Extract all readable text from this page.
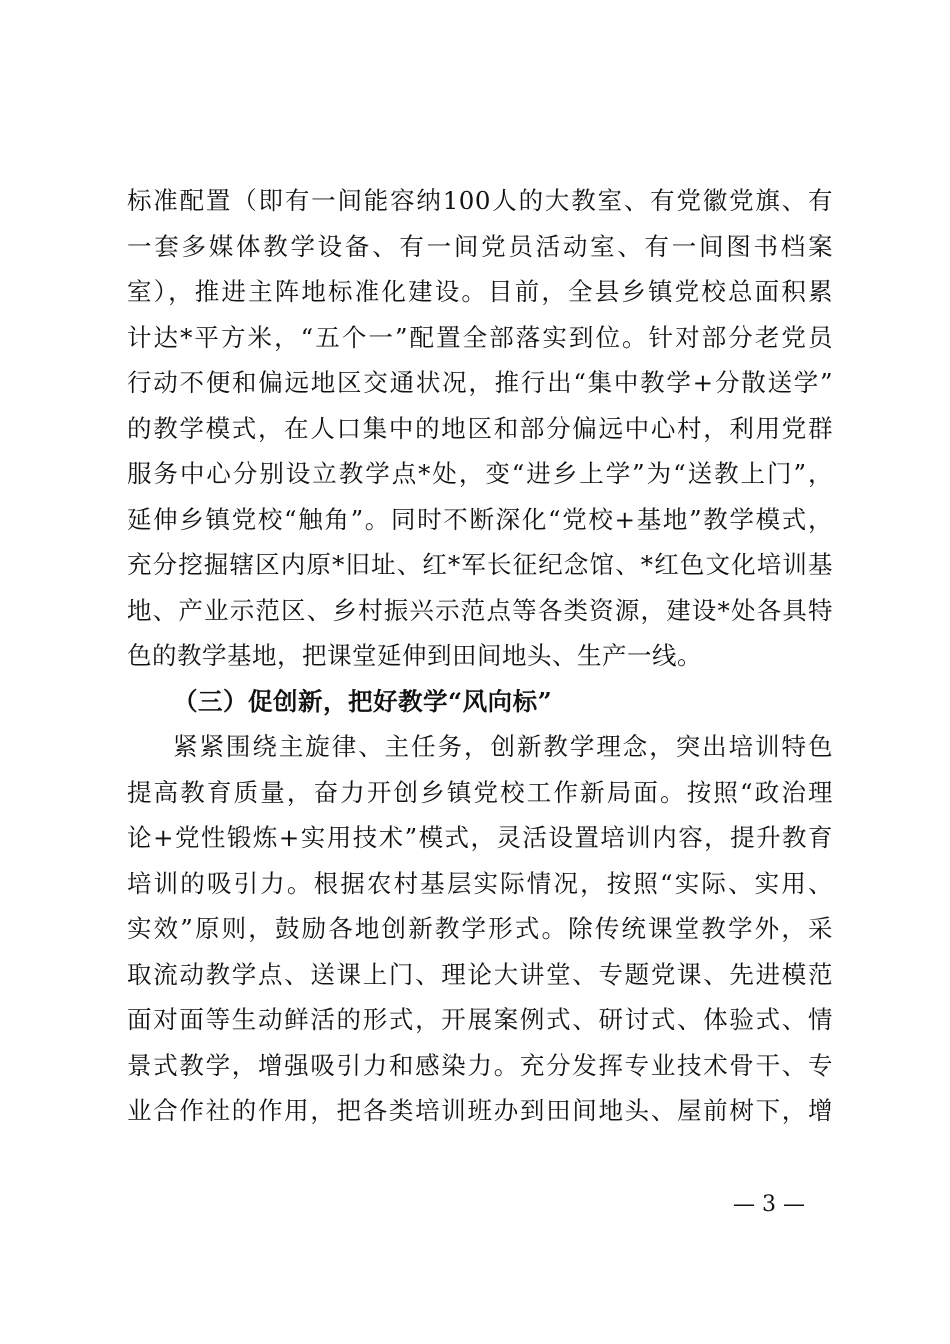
标准配置（即有一间能容纳100人的大教室、有党徽党旗、有
一套多媒体教学设备、有一间党员活动室、有一间图书档案
室），推进主阵地标准化建设。目前，全县乡镇党校总面积累
计达*平方米，“五个一”配置全部落实到位。针对部分老党员
行动不便和偏远地区交通状况，推行出“集中教学+分散送学”
的教学模式，在人口集中的地区和部分偏远中心村，利用党群
服务中心分别设立教学点*处，变“进乡上学”为“送教上门”，
延伸乡镇党校“触角”。同时不断深化“党校+基地”教学模式，
充分挖掘辖区内原*旧址、红*军长征纪念馆、*红色文化培训基
地、产业示范区、乡村振兴示范点等各类资源，建设*处各具特
色的教学基地，把课堂延伸到田间地头、生产一线。
（三）促创新，把好教学“风向标”
紧紧围绕主旋律、主任务，创新教学理念，突出培训特色
提高教育质量，奋力开创乡镇党校工作新局面。按照“政治理
论+党性锻炼+实用技术”模式，灵活设置培训内容，提升教育
培训的吸引力。根据农村基层实际情况，按照“实际、实用、
实效”原则，鼓励各地创新教学形式。除传统课堂教学外，采
取流动教学点、送课上门、理论大讲堂、专题党课、先进模范
面对面等生动鲜活的形式，开展案例式、研讨式、体验式、情
景式教学，增强吸引力和感染力。充分发挥专业技术骨干、专
业合作社的作用，把各类培训班办到田间地头、屋前树下，增
— 3 —
